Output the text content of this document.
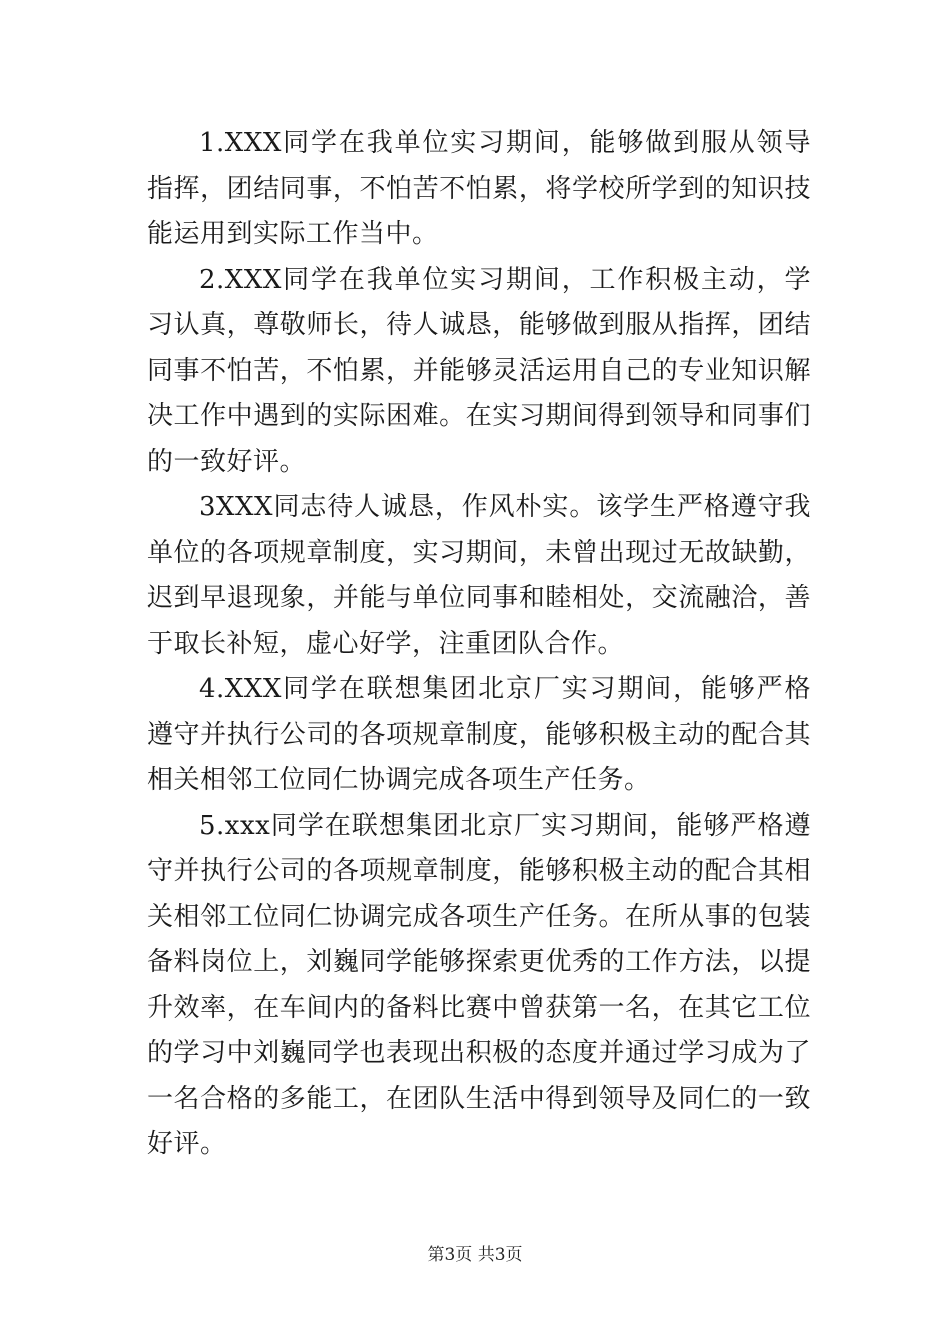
1.XXX同学在我单位实习期间，能够做到服从领导指挥，团结同事，不怕苦不怕累，将学校所学到的知识技能运用到实际工作当中。

2.XXX同学在我单位实习期间，工作积极主动，学习认真，尊敬师长，待人诚恳，能够做到服从指挥，团结同事不怕苦，不怕累，并能够灵活运用自己的专业知识解决工作中遇到的实际困难。在实习期间得到领导和同事们的一致好评。

3XXX同志待人诚恳，作风朴实。该学生严格遵守我单位的各项规章制度，实习期间，未曾出现过无故缺勤，迟到早退现象，并能与单位同事和睦相处，交流融洽，善于取长补短，虚心好学，注重团队合作。

4.XXX同学在联想集团北京厂实习期间，能够严格遵守并执行公司的各项规章制度，能够积极主动的配合其相关相邻工位同仁协调完成各项生产任务。

5.xxx同学在联想集团北京厂实习期间，能够严格遵守并执行公司的各项规章制度，能够积极主动的配合其相关相邻工位同仁协调完成各项生产任务。在所从事的包装备料岗位上，刘巍同学能够探索更优秀的工作方法，以提升效率，在车间内的备料比赛中曾获第一名，在其它工位的学习中刘巍同学也表现出积极的态度并通过学习成为了一名合格的多能工，在团队生活中得到领导及同仁的一致好评。

第3页 共3页
